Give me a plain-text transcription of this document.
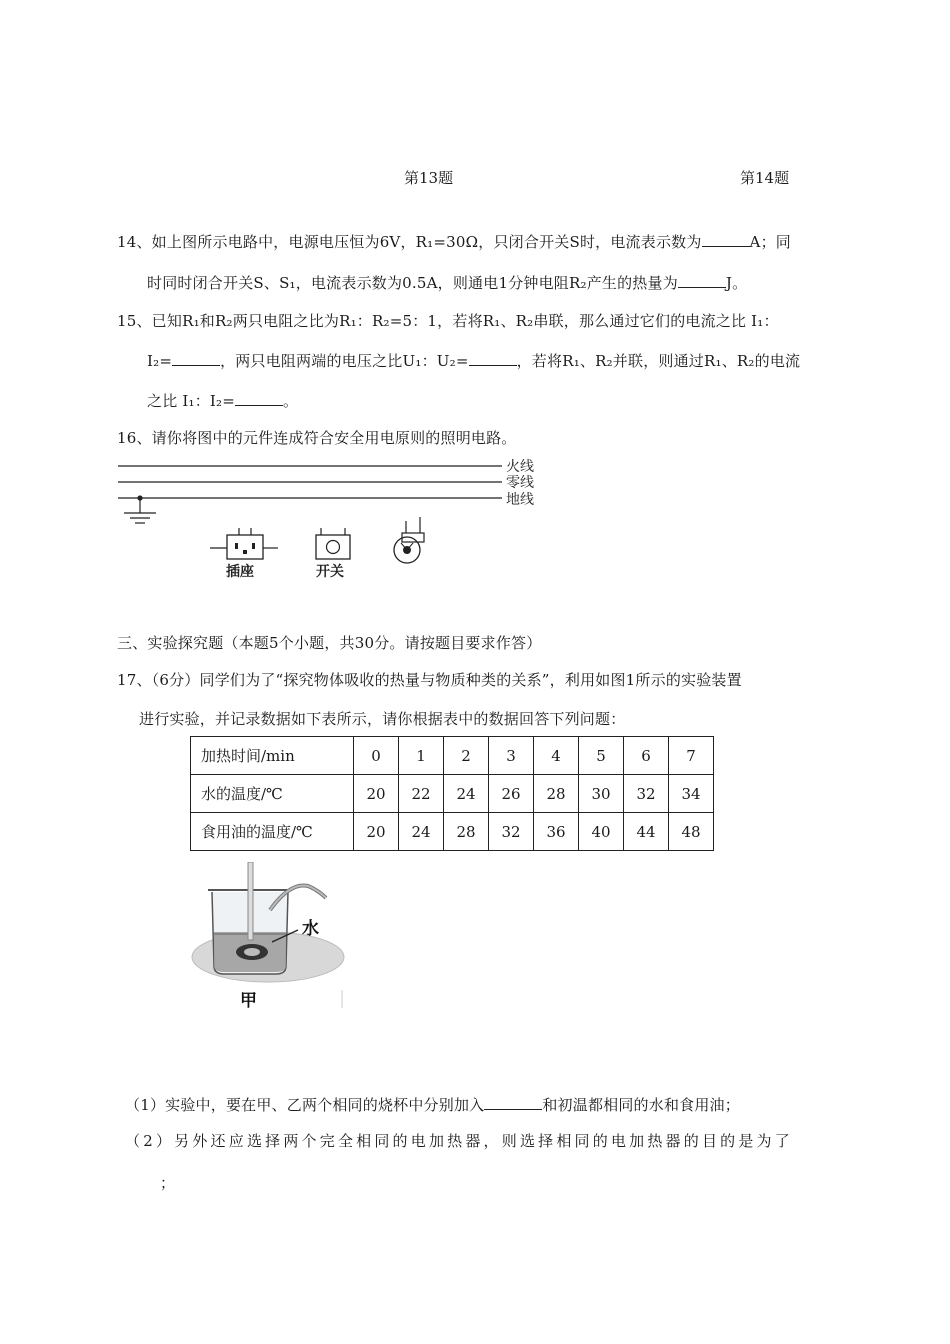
第13题	第14题
14、如上图所示电路中，电源电压恒为6V，R₁=30Ω，只闭合开关S时，电流表示数为	A；同
时同时闭合开关S、S₁，电流表示数为0.5A，则通电1分钟电阻R₂产生的热量为	J。
15、已知R₁和R₂两只电阻之比为R₁：R₂=5：1，若将R₁、R₂串联，那么通过它们的电流之比 I₁：
I₂=	，两只电阻两端的电压之比U₁：U₂=	，若将R₁、R₂并联，则通过R₁、R₂的电流
之比 I₁：I₂=	。
16、请你将图中的元件连成符合安全用电原则的照明电路。
火线
零线
地线
插座	开关
三、实验探究题（本题5个小题，共30分。请按题目要求作答）
17、（6分）同学们为了“探究物体吸收的热量与物质种类的关系”，利用如图1所示的实验装置
进行实验，并记录数据如下表所示，请你根据表中的数据回答下列问题：
加热时间/min	0	1	2	3	4	5	6	7
水的温度/℃	20	22	24	26	28	30	32	34
食用油的温度/℃	20	24	28	32	36	40	44	48
水
甲
（1）实验中，要在甲、乙两个相同的烧杯中分别加入	和初温都相同的水和食用油；
（2）另外还应选择两个完全相同的电加热器，则选择相同的电加热器的目的是为了
；
